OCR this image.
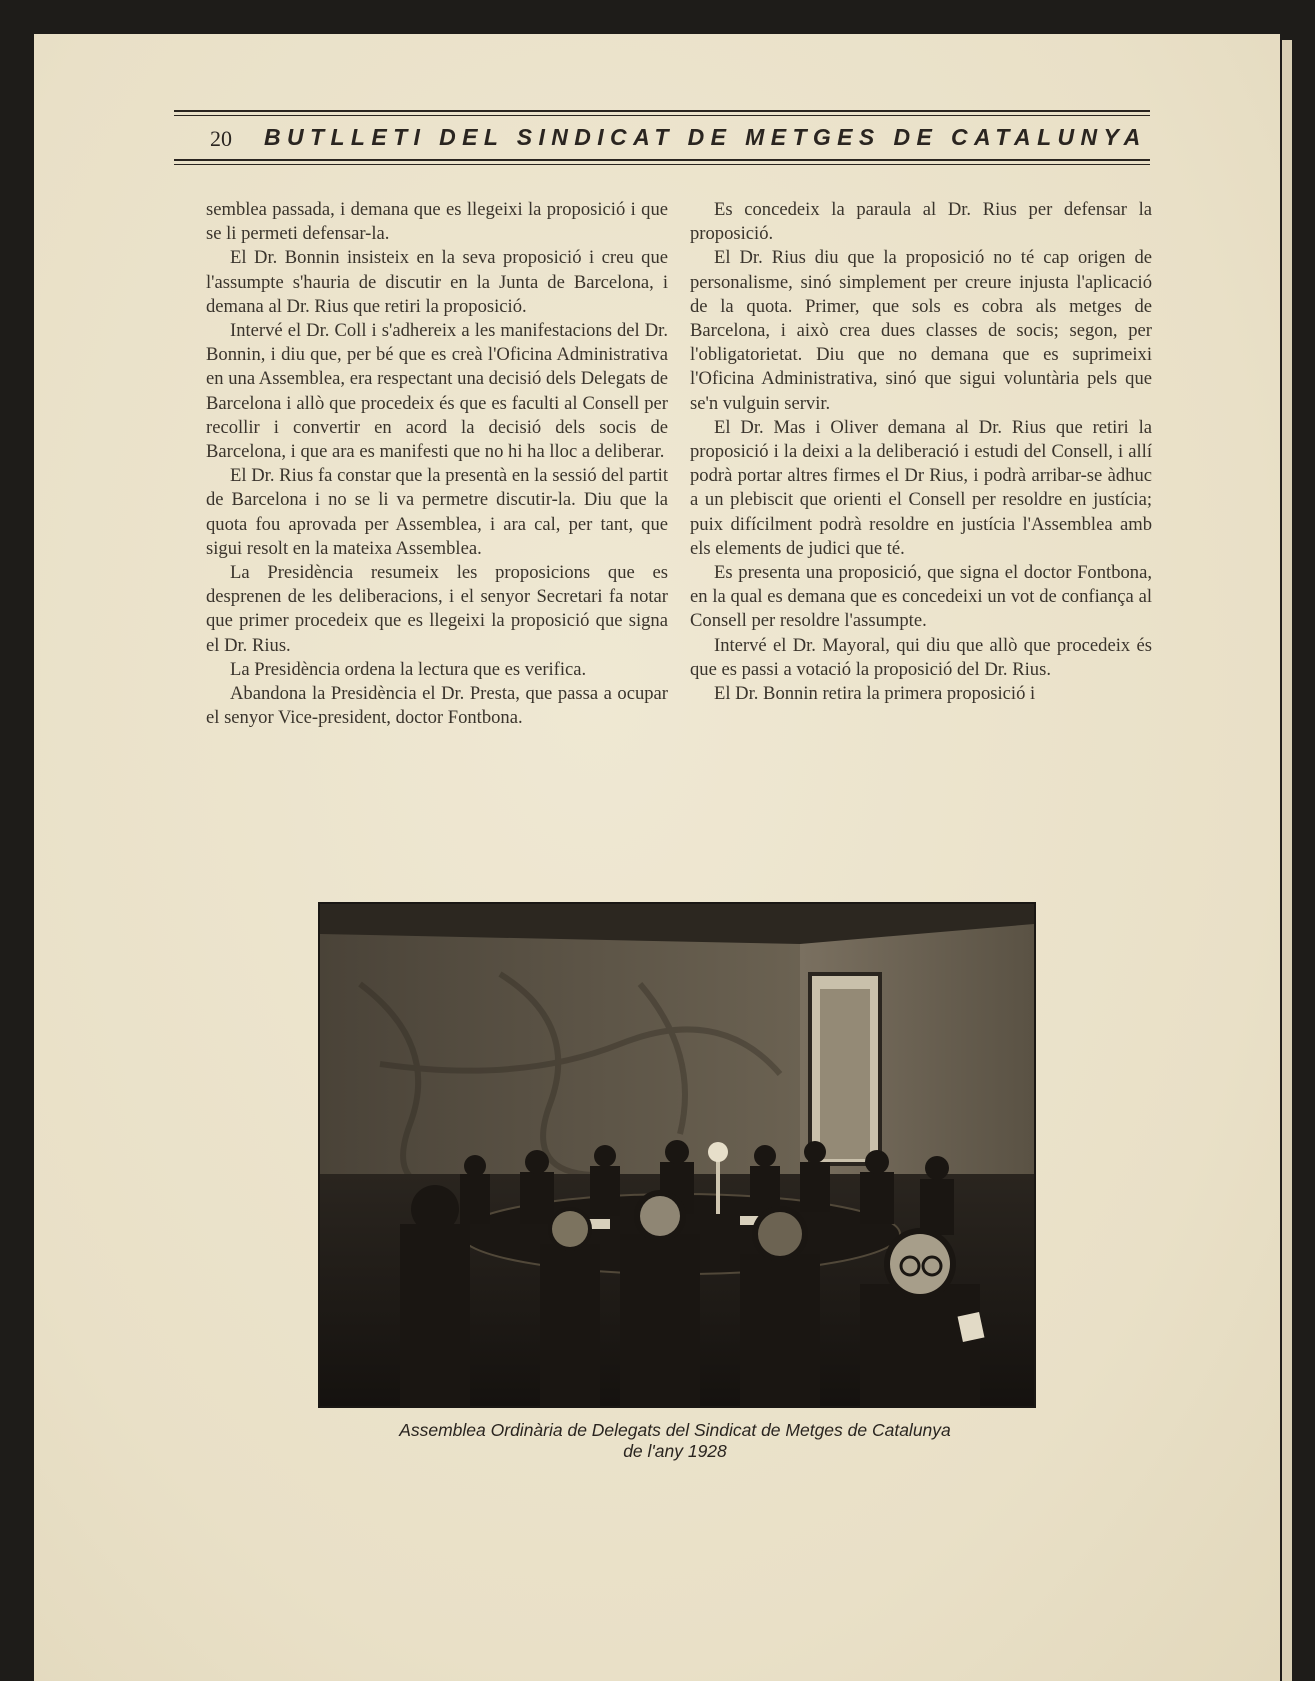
20 BUTLLETI DEL SINDICAT DE METGES DE CATALUNYA

semblea passada, i demana que es llegeixi la proposició i que se li permeti defensar-la.

El Dr. Bonnin insisteix en la seva proposició i creu que l'assumpte s'hauria de discutir en la Junta de Barcelona, i demana al Dr. Rius que retiri la proposició.

Intervé el Dr. Coll i s'adhereix a les manifestacions del Dr. Bonnin, i diu que, per bé que es creà l'Oficina Administrativa en una Assemblea, era respectant una decisió dels Delegats de Barcelona i allò que procedeix és que es faculti al Consell per recollir i convertir en acord la decisió dels socis de Barcelona, i que ara es manifesti que no hi ha lloc a deliberar.

El Dr. Rius fa constar que la presentà en la sessió del partit de Barcelona i no se li va permetre discutir-la. Diu que la quota fou aprovada per Assemblea, i ara cal, per tant, que sigui resolt en la mateixa Assemblea.

La Presidència resumeix les proposicions que es desprenen de les deliberacions, i el senyor Secretari fa notar que primer procedeix que es llegeixi la proposició que signa el Dr. Rius.

La Presidència ordena la lectura que es verifica.

Abandona la Presidència el Dr. Presta, que passa a ocupar el senyor Vice-president, doctor Fontbona.

Es concedeix la paraula al Dr. Rius per defensar la proposició.

El Dr. Rius diu que la proposició no té cap origen de personalisme, sinó simplement per creure injusta l'aplicació de la quota. Primer, que sols es cobra als metges de Barcelona, i això crea dues classes de socis; segon, per l'obligatorietat. Diu que no demana que es suprimeixi l'Oficina Administrativa, sinó que sigui voluntària pels que se'n vulguin servir.

El Dr. Mas i Oliver demana al Dr. Rius que retiri la proposició i la deixi a la deliberació i estudi del Consell, i allí podrà portar altres firmes el Dr Rius, i podrà arribar-se àdhuc a un plebiscit que orienti el Consell per resoldre en justícia; puix difícilment podrà resoldre en justícia l'Assemblea amb els elements de judici que té.

Es presenta una proposició, que signa el doctor Fontbona, en la qual es demana que es concedeixi un vot de confiança al Consell per resoldre l'assumpte.

Intervé el Dr. Mayoral, qui diu que allò que procedeix és que es passi a votació la proposició del Dr. Rius.

El Dr. Bonnin retira la primera proposició i

Assemblea Ordinària de Delegats del Sindicat de Metges de Catalunya
de l'any 1928
